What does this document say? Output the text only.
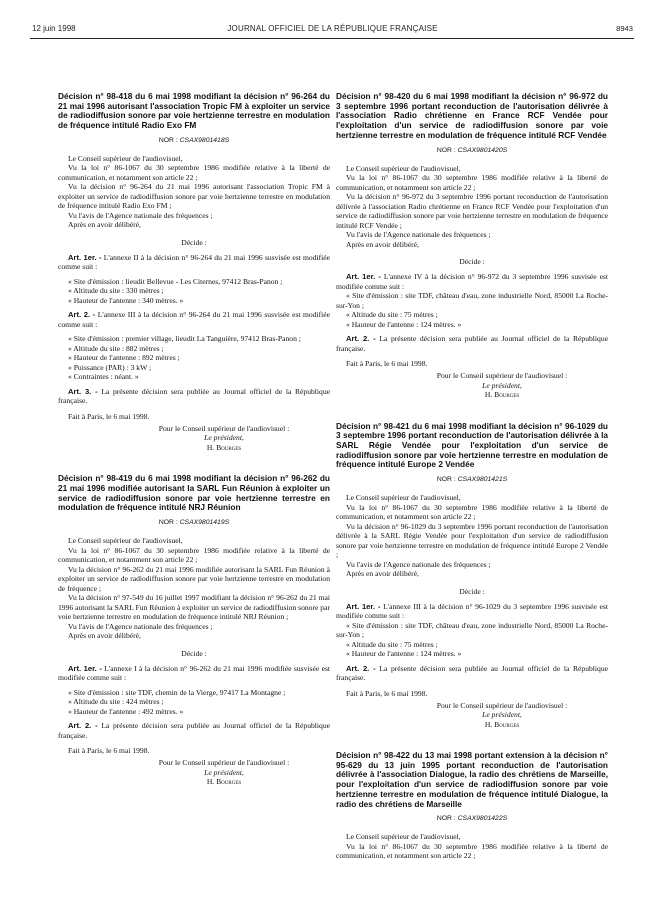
12 juin 1998	JOURNAL OFFICIEL DE LA RÉPUBLIQUE FRANÇAISE	8943

Décision n° 98-418 du 6 mai 1998 modifiant la décision n° 96-264 du 21 mai 1996 autorisant l'association Tropic FM à exploiter un service de radiodiffusion sonore par voie hertzienne terrestre en modulation de fréquence intitulé Radio Exo FM

NOR : CSAX9801418S

Le Conseil supérieur de l'audiovisuel,

Vu la loi n° 86-1067 du 30 septembre 1986 modifiée relative à la liberté de communication, et notamment son article 22 ;

Vu la décision n° 96-264 du 21 mai 1996 autorisant l'association Tropic FM à exploiter un service de radiodiffusion sonore par voie hertzienne terrestre en modulation de fréquence intitulé Radio Exo FM ;

Vu l'avis de l'Agence nationale des fréquences ;

Après en avoir délibéré,

Décide :

Art. 1er. - L'annexe II à la décision n° 96-264 du 21 mai 1996 susvisée est modifiée comme suit :

« Site d'émission : lieudit Bellevue - Les Citernes, 97412 Bras-Panon ;

« Altitude du site : 330 mètres ;

« Hauteur de l'antenne : 340 mètres. »

Art. 2. - L'annexe III à la décision n° 96-264 du 21 mai 1996 susvisée est modifiée comme suit :

« Site d'émission : premier village, lieudit La Tanguière, 97412 Bras-Panon ;

« Altitude du site : 882 mètres ;

« Hauteur de l'antenne : 892 mètres ;

« Puissance (PAR) : 3 kW ;

« Contraintes : néant. »

Art. 3. - La présente décision sera publiée au Journal officiel de la République française.

Fait à Paris, le 6 mai 1998.
Pour le Conseil supérieur de l'audiovisuel :
Le président,
H. Bourges

Décision n° 98-419 du 6 mai 1998 modifiant la décision n° 96-262 du 21 mai 1996 modifiée autorisant la SARL Fun Réunion à exploiter un service de radiodiffusion sonore par voie hertzienne terrestre en modulation de fréquence intitulé NRJ Réunion

NOR : CSAX9801419S

Le Conseil supérieur de l'audiovisuel,

Vu la loi n° 86-1067 du 30 septembre 1986 modifiée relative à la liberté de communication, et notamment son article 22 ;

Vu la décision n° 96-262 du 21 mai 1996 modifiée autorisant la SARL Fun Réunion à exploiter un service de radiodiffusion sonore par voie hertzienne terrestre en modulation de fréquence ;

Vu la décision n° 97-549 du 16 juillet 1997 modifiant la décision n° 96-262 du 21 mai 1996 autorisant la SARL Fun Réunion à exploiter un service de radiodiffusion sonore par voie hertzienne terrestre en modulation de fréquence intitulé NRJ Réunion ;

Vu l'avis de l'Agence nationale des fréquences ;

Après en avoir délibéré,

Décide :

Art. 1er. - L'annexe I à la décision n° 96-262 du 21 mai 1996 modifiée susvisée est modifiée comme suit :

« Site d'émission : site TDF, chemin de la Vierge, 97417 La Montagne ;

« Altitude du site : 424 mètres ;

« Hauteur de l'antenne : 492 mètres. »

Art. 2. - La présente décision sera publiée au Journal officiel de la République française.

Fait à Paris, le 6 mai 1998.
Pour le Conseil supérieur de l'audiovisuel :
Le président,
H. Bourges

Décision n° 98-420 du 6 mai 1998 modifiant la décision n° 96-972 du 3 septembre 1996 portant reconduction de l'autorisation délivrée à l'association Radio chrétienne en France RCF Vendée pour l'exploitation d'un service de radiodiffusion sonore par voie hertzienne terrestre en modulation de fréquence intitulé RCF Vendée

NOR : CSAX9801420S

Le Conseil supérieur de l'audiovisuel,

Vu la loi n° 86-1067 du 30 septembre 1986 modifiée relative à la liberté de communication, et notamment son article 22 ;

Vu la décision n° 96-972 du 3 septembre 1996 portant reconduction de l'autorisation délivrée à l'association Radio chrétienne en France RCF Vendée pour l'exploitation d'un service de radiodiffusion sonore par voie hertzienne terrestre en modulation de fréquence intitulé RCF Vendée ;

Vu l'avis de l'Agence nationale des fréquences ;

Après en avoir délibéré,

Décide :

Art. 1er. - L'annexe IV à la décision n° 96-972 du 3 septembre 1996 susvisée est modifiée comme suit :

« Site d'émission : site TDF, château d'eau, zone industrielle Nord, 85000 La Roche-sur-Yon ;

« Altitude du site : 75 mètres ;

« Hauteur de l'antenne : 124 mètres. »

Art. 2. - La présente décision sera publiée au Journal officiel de la République française.

Fait à Paris, le 6 mai 1998.
Pour le Conseil supérieur de l'audiovisuel :
Le président,
H. Bourges

Décision n° 98-421 du 6 mai 1998 modifiant la décision n° 96-1029 du 3 septembre 1996 portant reconduction de l'autorisation délivrée à la SARL Régie Vendée pour l'exploitation d'un service de radiodiffusion sonore par voie hertzienne terrestre en modulation de fréquence intitulé Europe 2 Vendée

NOR : CSAX9801421S

Le Conseil supérieur de l'audiovisuel,

Vu la loi n° 86-1067 du 30 septembre 1986 modifiée relative à la liberté de communication, et notamment son article 22 ;

Vu la décision n° 96-1029 du 3 septembre 1996 portant reconduction de l'autorisation délivrée à la SARL Régie Vendée pour l'exploitation d'un service de radiodiffusion sonore par voie hertzienne terrestre en modulation de fréquence intitulé Europe 2 Vendée ;

Vu l'avis de l'Agence nationale des fréquences ;

Après en avoir délibéré,

Décide :

Art. 1er. - L'annexe III à la décision n° 96-1029 du 3 septembre 1996 susvisée est modifiée comme suit :

« Site d'émission : site TDF, château d'eau, zone industrielle Nord, 85000 La Roche-sur-Yon ;

« Altitude du site : 75 mètres ;

« Hauteur de l'antenne : 124 mètres. »

Art. 2. - La présente décision sera publiée au Journal officiel de la République française.

Fait à Paris, le 6 mai 1998.
Pour le Conseil supérieur de l'audiovisuel :
Le président,
H. Bourges

Décision n° 98-422 du 13 mai 1998 portant extension à la décision n° 95-629 du 13 juin 1995 portant reconduction de l'autorisation délivrée à l'association Dialogue, la radio des chrétiens de Marseille, pour l'exploitation d'un service de radiodiffusion sonore par voie hertzienne terrestre en modulation de fréquence intitulé Dialogue, la radio des chrétiens de Marseille

NOR : CSAX9801422S

Le Conseil supérieur de l'audiovisuel,

Vu la loi n° 86-1067 du 30 septembre 1986 modifiée relative à la liberté de communication, et notamment son article 22 ;
